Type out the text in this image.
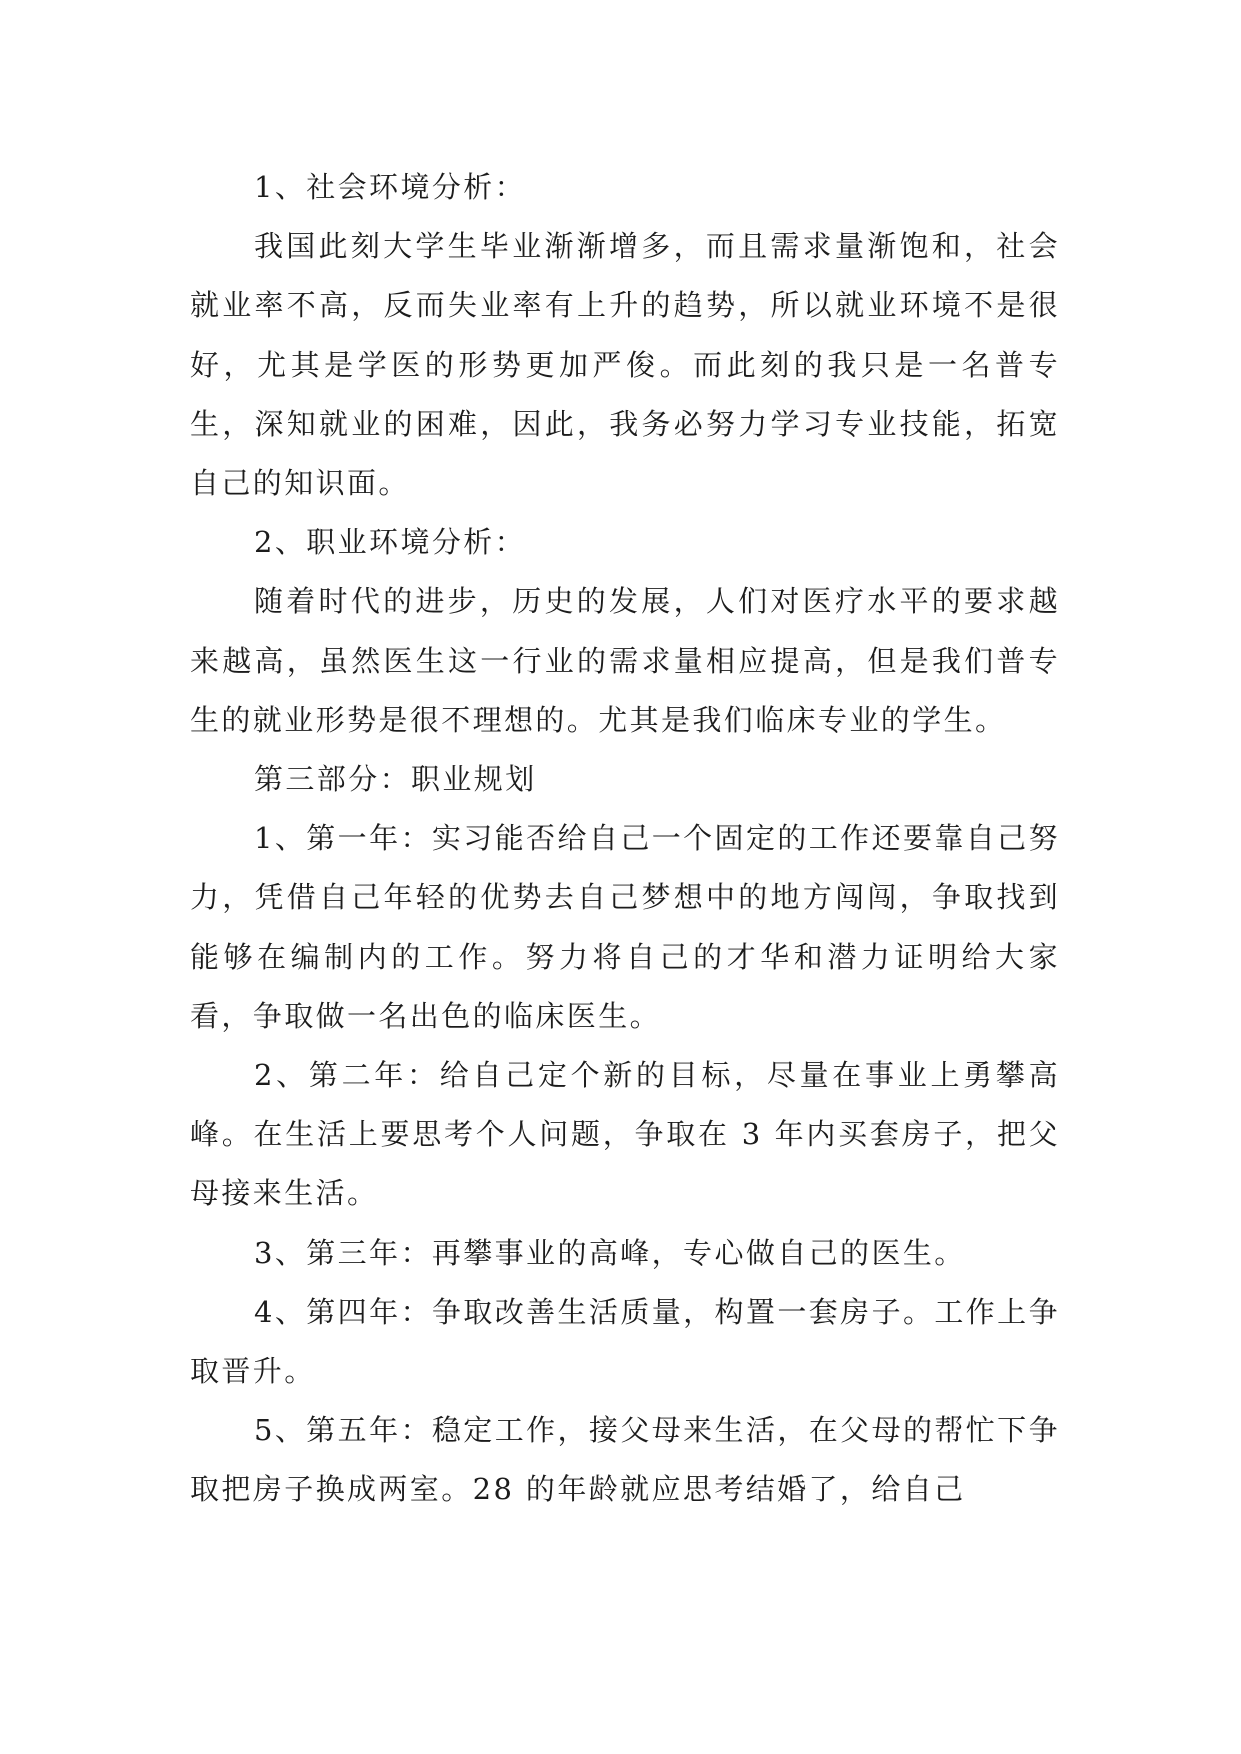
1、社会环境分析：

我国此刻大学生毕业渐渐增多，而且需求量渐饱和，社会就业率不高，反而失业率有上升的趋势，所以就业环境不是很好，尤其是学医的形势更加严俊。而此刻的我只是一名普专生，深知就业的困难，因此，我务必努力学习专业技能，拓宽自己的知识面。

2、职业环境分析：

随着时代的进步，历史的发展，人们对医疗水平的要求越来越高，虽然医生这一行业的需求量相应提高，但是我们普专生的就业形势是很不理想的。尤其是我们临床专业的学生。

第三部分：职业规划

1、第一年：实习能否给自己一个固定的工作还要靠自己努力，凭借自己年轻的优势去自己梦想中的地方闯闯，争取找到能够在编制内的工作。努力将自己的才华和潜力证明给大家看，争取做一名出色的临床医生。

2、第二年：给自己定个新的目标，尽量在事业上勇攀高峰。在生活上要思考个人问题，争取在 3 年内买套房子，把父母接来生活。

3、第三年：再攀事业的高峰，专心做自己的医生。

4、第四年：争取改善生活质量，构置一套房子。工作上争取晋升。

5、第五年：稳定工作，接父母来生活，在父母的帮忙下争取把房子换成两室。28 的年龄就应思考结婚了，给自己
